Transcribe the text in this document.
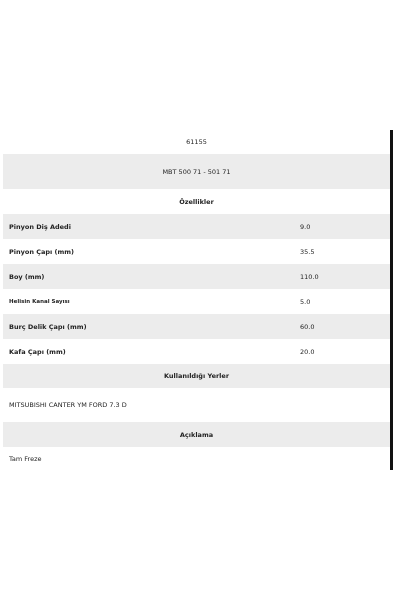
61155
MBT 500 71 - 501 71
Özellikler
Pinyon Diş Adedi	9.0
Pinyon Çapı (mm)	35.5
Boy (mm)	110.0
Helisin Kanal Sayısı	5.0
Burç Delik Çapı (mm)	60.0
Kafa Çapı (mm)	20.0
Kullanıldığı Yerler
MITSUBISHI CANTER YM FORD 7.3 D
Açıklama
Tam Freze
